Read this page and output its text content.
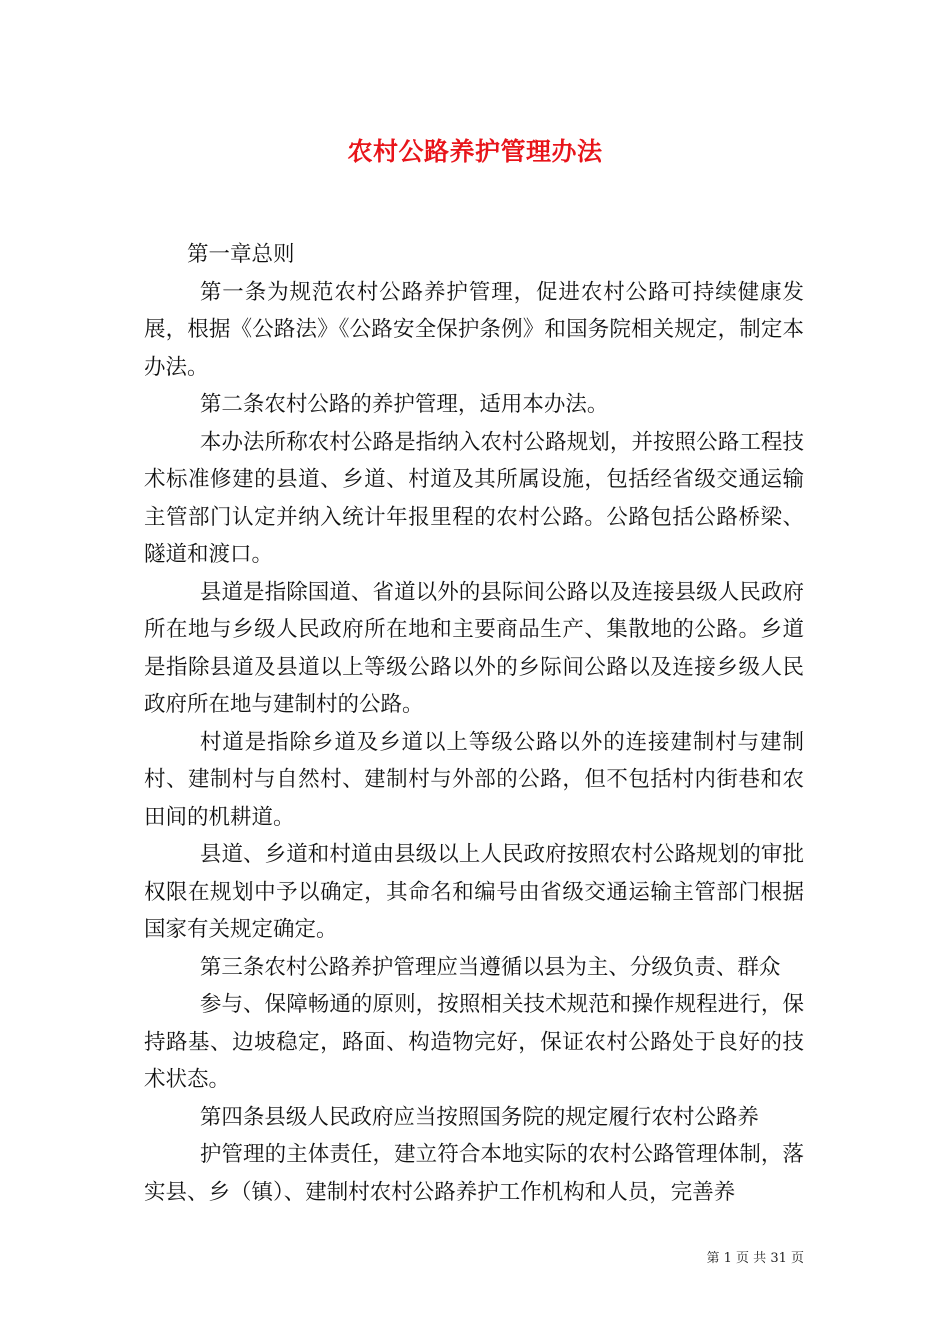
农村公路养护管理办法

第一章总则

第一条为规范农村公路养护管理，促进农村公路可持续健康发展，根据《公路法》《公路安全保护条例》和国务院相关规定，制定本办法。

第二条农村公路的养护管理，适用本办法。

本办法所称农村公路是指纳入农村公路规划，并按照公路工程技术标准修建的县道、乡道、村道及其所属设施，包括经省级交通运输主管部门认定并纳入统计年报里程的农村公路。公路包括公路桥梁、隧道和渡口。

县道是指除国道、省道以外的县际间公路以及连接县级人民政府所在地与乡级人民政府所在地和主要商品生产、集散地的公路。乡道是指除县道及县道以上等级公路以外的乡际间公路以及连接乡级人民政府所在地与建制村的公路。

村道是指除乡道及乡道以上等级公路以外的连接建制村与建制村、建制村与自然村、建制村与外部的公路，但不包括村内街巷和农田间的机耕道。

县道、乡道和村道由县级以上人民政府按照农村公路规划的审批权限在规划中予以确定，其命名和编号由省级交通运输主管部门根据国家有关规定确定。

第三条农村公路养护管理应当遵循以县为主、分级负责、群众

参与、保障畅通的原则，按照相关技术规范和操作规程进行，保持路基、边坡稳定，路面、构造物完好，保证农村公路处于良好的技术状态。

第四条县级人民政府应当按照国务院的规定履行农村公路养

护管理的主体责任，建立符合本地实际的农村公路管理体制，落实县、乡（镇）、建制村农村公路养护工作机构和人员，完善养

第 1 页 共 31 页
